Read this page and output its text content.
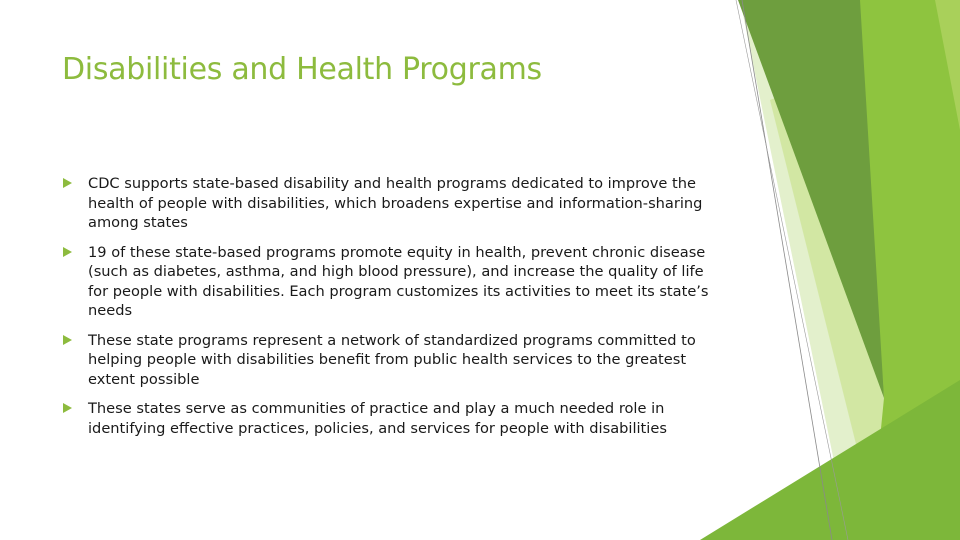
Disabilities and Health Programs
CDC supports state-based disability and health programs dedicated to improve the health of people with disabilities, which broadens expertise and information-sharing among states
19 of these state-based programs promote equity in health, prevent chronic disease (such as diabetes, asthma, and high blood pressure), and increase the quality of life for people with disabilities. Each program customizes its activities to meet its state’s needs
These state programs represent a network of standardized programs committed to helping people with disabilities benefit from public health services to the greatest extent possible
These states serve as communities of practice and play a much needed role in identifying effective practices, policies, and services for people with disabilities
